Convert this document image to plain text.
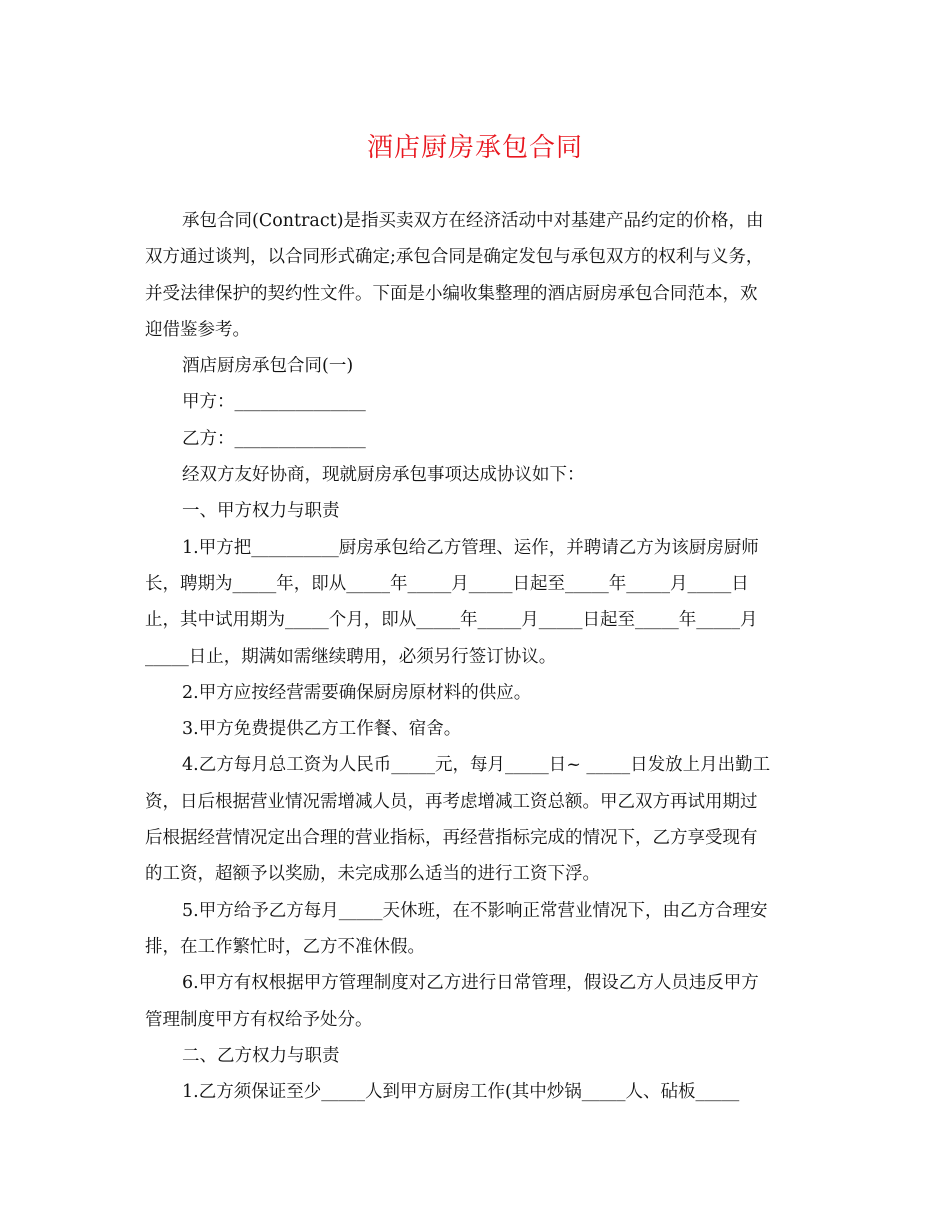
酒店厨房承包合同
承包合同(Contract)是指买卖双方在经济活动中对基建产品约定的价格，由
双方通过谈判，以合同形式确定;承包合同是确定发包与承包双方的权利与义务，
并受法律保护的契约性文件。下面是小编收集整理的酒店厨房承包合同范本，欢
迎借鉴参考。
酒店厨房承包合同(一)
甲方：_______________
乙方：_______________
经双方友好协商，现就厨房承包事项达成协议如下：
一、甲方权力与职责
1.甲方把__________厨房承包给乙方管理、运作，并聘请乙方为该厨房厨师
长，聘期为_____年，即从_____年_____月_____日起至_____年_____月_____日
止，其中试用期为_____个月，即从_____年_____月_____日起至_____年_____月
_____日止，期满如需继续聘用，必须另行签订协议。
2.甲方应按经营需要确保厨房原材料的供应。
3.甲方免费提供乙方工作餐、宿舍。
4.乙方每月总工资为人民币_____元，每月_____日~ _____日发放上月出勤工
资，日后根据营业情况需增减人员，再考虑增减工资总额。甲乙双方再试用期过
后根据经营情况定出合理的营业指标，再经营指标完成的情况下，乙方享受现有
的工资，超额予以奖励，未完成那么适当的进行工资下浮。
5.甲方给予乙方每月_____天休班，在不影响正常营业情况下，由乙方合理安
排，在工作繁忙时，乙方不准休假。
6.甲方有权根据甲方管理制度对乙方进行日常管理，假设乙方人员违反甲方
管理制度甲方有权给予处分。
二、乙方权力与职责
1.乙方须保证至少_____人到甲方厨房工作(其中炒锅_____人、砧板_____
